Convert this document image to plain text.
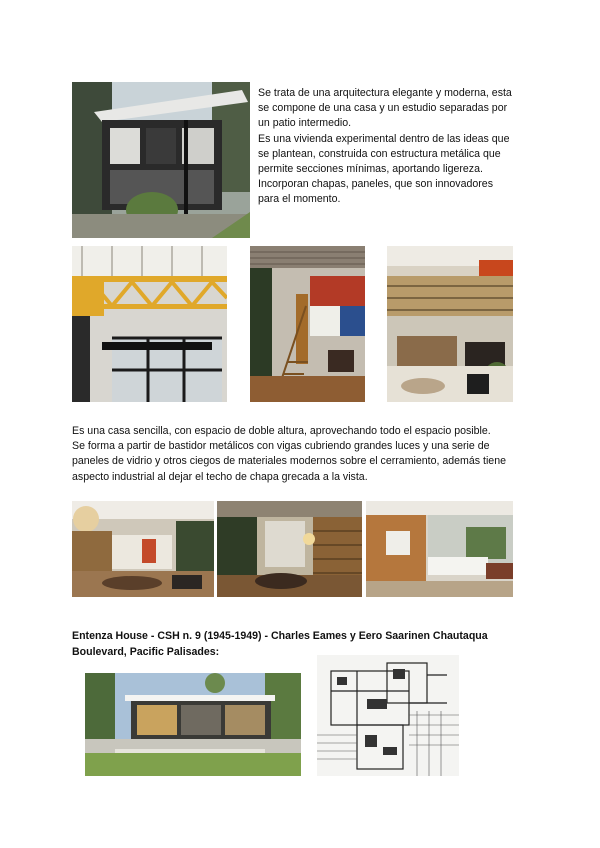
Se trata de una arquitectura elegante y moderna, esta

se compone de una casa y un estudio separadas por

un patio intermedio.

Es una vivienda experimental dentro de las ideas que

se plantean, construida con estructura metálica que

permite secciones mínimas, aportando ligereza.

Incorporan chapas, paneles, que son innovadores

para el momento.

Es una casa sencilla, con espacio de doble altura, aprovechando todo el espacio posible.

Se forma a partir de bastidor metálicos con vigas cubriendo grandes luces y una serie de

paneles de vidrio y otros ciegos de materiales modernos sobre el cerramiento, además tiene

aspecto industrial al dejar el techo de chapa grecada a la vista.

Entenza House - CSH n. 9 (1945-1949) - Charles Eames y Eero Saarinen Chautaqua

Boulevard, Pacific Palisades:
